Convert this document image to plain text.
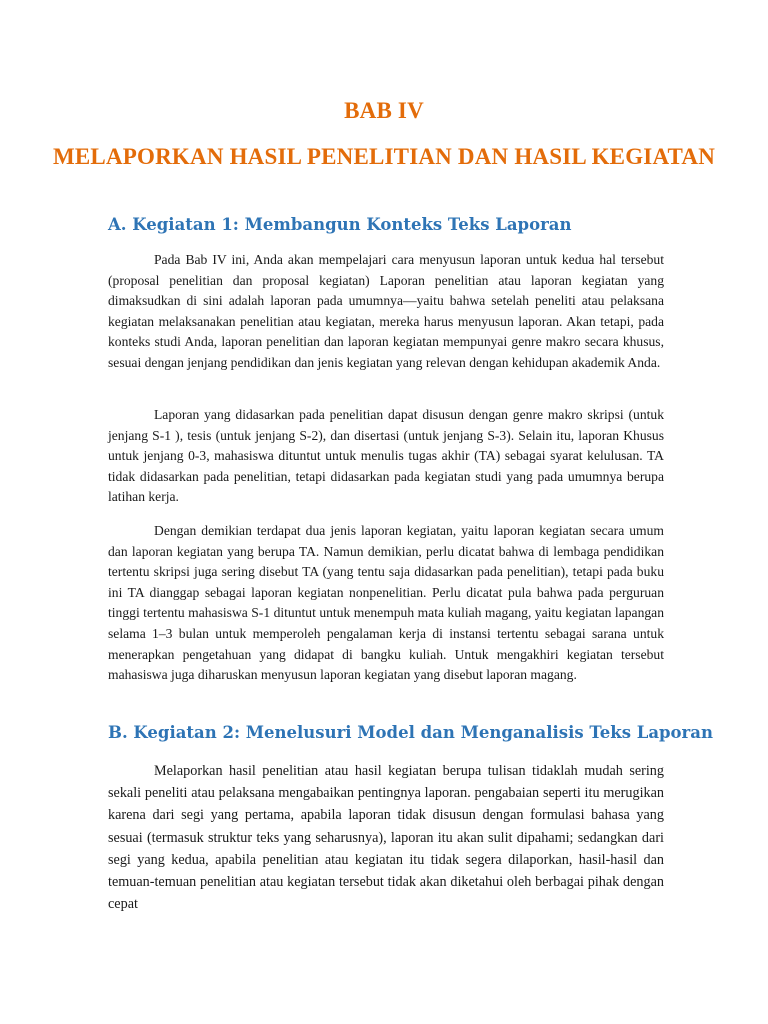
BAB IV
MELAPORKAN HASIL PENELITIAN DAN HASIL KEGIATAN
A. Kegiatan 1: Membangun Konteks Teks Laporan

Pada Bab IV ini, Anda akan mempelajari cara menyusun laporan untuk kedua hal tersebut (proposal penelitian dan proposal kegiatan) Laporan penelitian atau laporan kegiatan yang dimaksudkan di sini adalah laporan pada umumnya—yaitu bahwa setelah peneliti atau pelaksana kegiatan melaksanakan penelitian atau kegiatan, mereka harus menyusun laporan. Akan tetapi, pada konteks studi Anda, laporan penelitian dan laporan kegiatan mempunyai genre makro secara khusus, sesuai dengan jenjang pendidikan dan jenis kegiatan yang relevan dengan kehidupan akademik Anda.

Laporan yang didasarkan pada penelitian dapat disusun dengan genre makro skripsi (untuk jenjang S-1 ), tesis (untuk jenjang S-2), dan disertasi (untuk jenjang S-3). Selain itu, laporan Khusus untuk jenjang 0-3, mahasiswa dituntut untuk menulis tugas akhir (TA) sebagai syarat kelulusan. TA tidak didasarkan pada penelitian, tetapi didasarkan pada kegiatan studi yang pada umumnya berupa latihan kerja.

Dengan demikian terdapat dua jenis laporan kegiatan, yaitu laporan kegiatan secara umum dan laporan kegiatan yang berupa TA. Namun demikian, perlu dicatat bahwa di lembaga pendidikan tertentu skripsi juga sering disebut TA (yang tentu saja didasarkan pada penelitian), tetapi pada buku ini TA dianggap sebagai laporan kegiatan nonpenelitian. Perlu dicatat pula bahwa pada perguruan tinggi tertentu mahasiswa S-1 dituntut untuk menempuh mata kuliah magang, yaitu kegiatan lapangan selama 1–3 bulan untuk memperoleh pengalaman kerja di instansi tertentu sebagai sarana untuk menerapkan pengetahuan yang didapat di bangku kuliah. Untuk mengakhiri kegiatan tersebut mahasiswa juga diharuskan menyusun laporan kegiatan yang disebut laporan magang.

B. Kegiatan 2: Menelusuri Model dan Menganalisis Teks Laporan

Melaporkan hasil penelitian atau hasil kegiatan berupa tulisan tidaklah mudah sering sekali peneliti atau pelaksana mengabaikan pentingnya laporan. pengabaian seperti itu merugikan karena dari segi yang pertama, apabila laporan tidak disusun dengan formulasi bahasa yang sesuai (termasuk struktur teks yang seharusnya), laporan itu akan sulit dipahami; sedangkan dari segi yang kedua, apabila penelitian atau kegiatan itu tidak segera dilaporkan, hasil-hasil dan temuan-temuan penelitian atau kegiatan tersebut tidak akan diketahui oleh berbagai pihak dengan cepat
